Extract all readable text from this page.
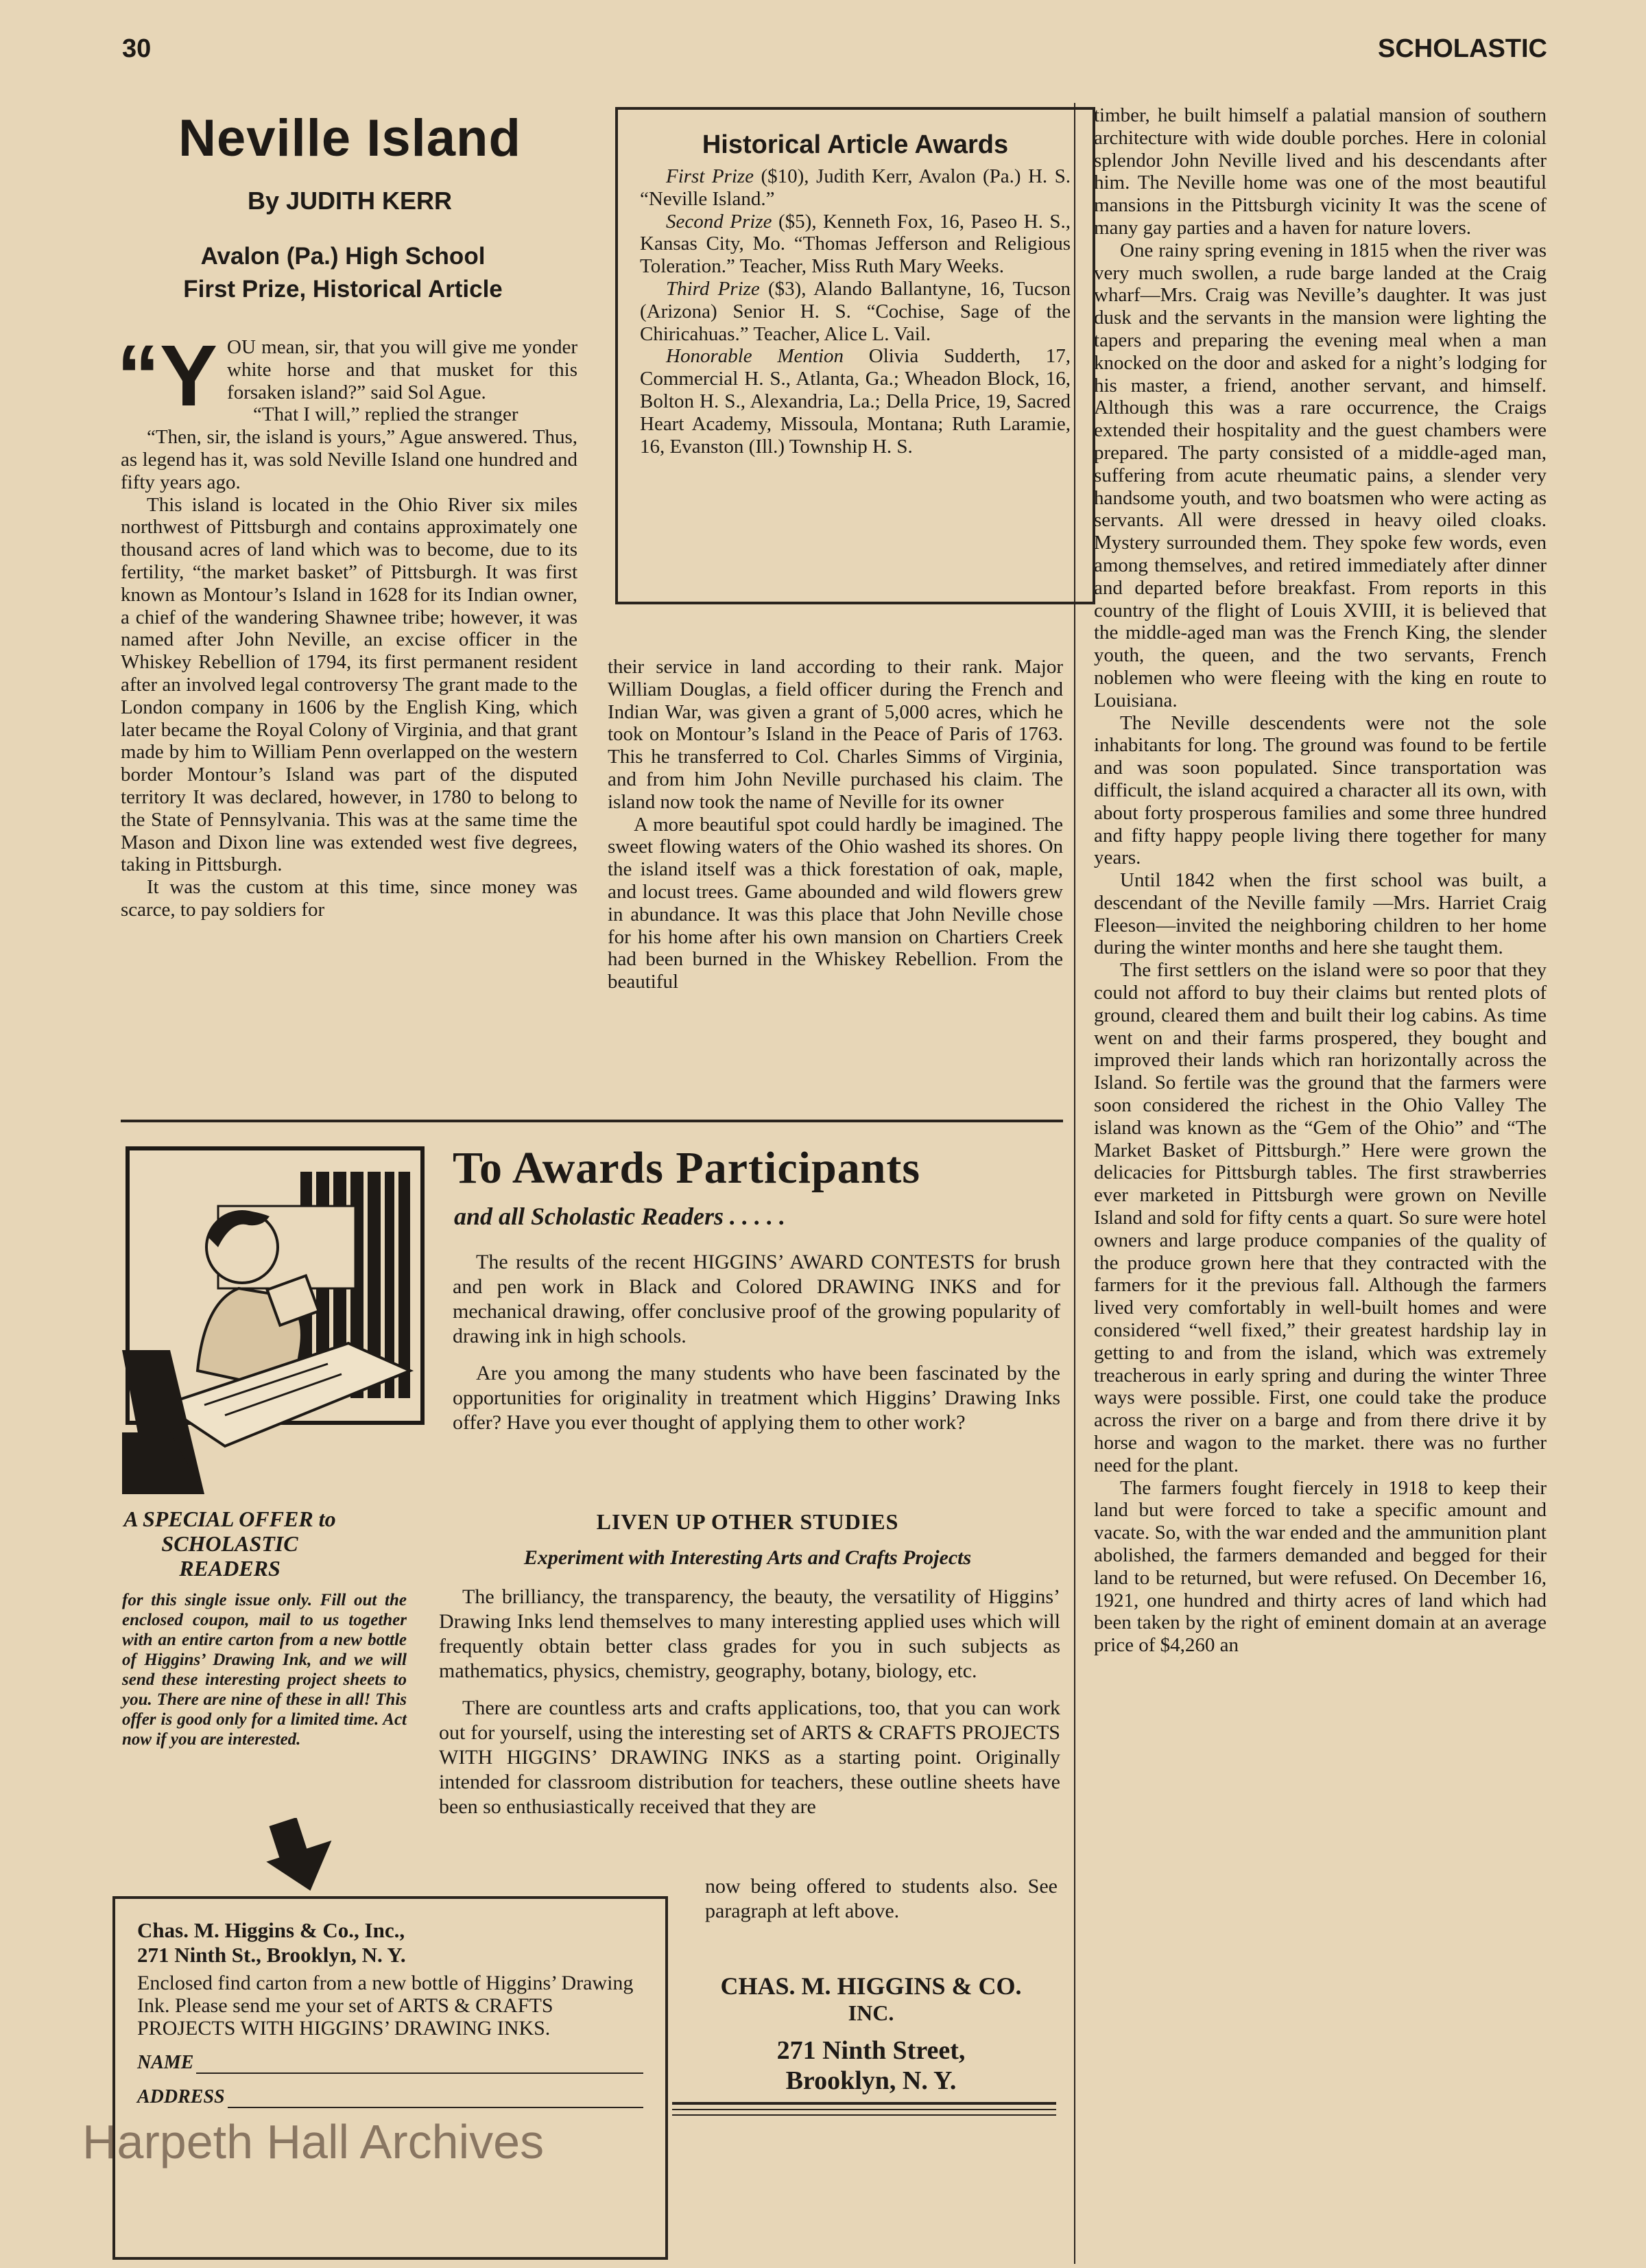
30	SCHOLASTIC
Neville Island
By JUDITH KERR
Avalon (Pa.) High School
First Prize, Historical Article

“Y OU mean, sir, that you will give me yonder white horse and that musket for this forsaken island?” said Sol Ague.

“That I will,” replied the stranger

“Then, sir, the island is yours,” Ague answered. Thus, as legend has it, was sold Neville Island one hundred and fifty years ago.

This island is located in the Ohio River six miles northwest of Pittsburgh and contains approximately one thousand acres of land which was to become, due to its fertility, “the market basket” of Pittsburgh. It was first known as Montour’s Island in 1628 for its Indian owner, a chief of the wandering Shawnee tribe; however, it was named after John Neville, an excise officer in the Whiskey Rebellion of 1794, its first permanent resident after an involved legal controversy The grant made to the London company in 1606 by the English King, which later became the Royal Colony of Virginia, and that grant made by him to William Penn overlapped on the western border Montour’s Island was part of the disputed territory It was declared, however, in 1780 to belong to the State of Pennsylvania. This was at the same time the Mason and Dixon line was extended west five degrees, taking in Pittsburgh.

It was the custom at this time, since money was scarce, to pay soldiers for

Historical Article Awards
First Prize ($10), Judith Kerr, Avalon (Pa.) H. S. “Neville Island.”
Second Prize ($5), Kenneth Fox, 16, Paseo H. S., Kansas City, Mo. “Thomas Jefferson and Religious Toleration.” Teacher, Miss Ruth Mary Weeks.
Third Prize ($3), Alando Ballantyne, 16, Tucson (Arizona) Senior H. S. “Cochise, Sage of the Chiricahuas.” Teacher, Alice L. Vail.
Honorable Mention Olivia Sudderth, 17, Commercial H. S., Atlanta, Ga.; Wheadon Block, 16, Bolton H. S., Alexandria, La.; Della Price, 19, Sacred Heart Academy, Missoula, Montana; Ruth Laramie, 16, Evanston (Ill.) Township H. S.

their service in land according to their rank. Major William Douglas, a field officer during the French and Indian War, was given a grant of 5,000 acres, which he took on Montour’s Island in the Peace of Paris of 1763. This he transferred to Col. Charles Simms of Virginia, and from him John Neville purchased his claim. The island now took the name of Neville for its owner

A more beautiful spot could hardly be imagined. The sweet flowing waters of the Ohio washed its shores. On the island itself was a thick forestation of oak, maple, and locust trees. Game abounded and wild flowers grew in abundance. It was this place that John Neville chose for his home after his own mansion on Chartiers Creek had been burned in the Whiskey Rebellion. From the beautiful

timber, he built himself a palatial mansion of southern architecture with wide double porches. Here in colonial splendor John Neville lived and his descendants after him. The Neville home was one of the most beautiful mansions in the Pittsburgh vicinity It was the scene of many gay parties and a haven for nature lovers.

One rainy spring evening in 1815 when the river was very much swollen, a rude barge landed at the Craig wharf—Mrs. Craig was Neville’s daughter. It was just dusk and the servants in the mansion were lighting the tapers and preparing the evening meal when a man knocked on the door and asked for a night’s lodging for his master, a friend, another servant, and himself. Although this was a rare occurrence, the Craigs extended their hospitality and the guest chambers were prepared. The party consisted of a middle-aged man, suffering from acute rheumatic pains, a slender very handsome youth, and two boatsmen who were acting as servants. All were dressed in heavy oiled cloaks. Mystery surrounded them. They spoke few words, even among themselves, and retired immediately after dinner and departed before breakfast. From reports in this country of the flight of Louis XVIII, it is believed that the middle-aged man was the French King, the slender youth, the queen, and the two servants, French noblemen who were fleeing with the king en route to Louisiana.

The Neville descendents were not the sole inhabitants for long. The ground was found to be fertile and was soon populated. Since transportation was difficult, the island acquired a character all its own, with about forty prosperous families and some three hundred and fifty happy people living there together for many years.

Until 1842 when the first school was built, a descendant of the Neville family —Mrs. Harriet Craig Fleeson—invited the neighboring children to her home during the winter months and here she taught them.

The first settlers on the island were so poor that they could not afford to buy their claims but rented plots of ground, cleared them and built their log cabins. As time went on and their farms prospered, they bought and improved their lands which ran horizontally across the Island. So fertile was the ground that the farmers were soon considered the richest in the Ohio Valley The island was known as the “Gem of the Ohio” and “The Market Basket of Pittsburgh.” Here were grown the delicacies for Pittsburgh tables. The first strawberries ever marketed in Pittsburgh were grown on Neville Island and sold for fifty cents a quart. So sure were hotel owners and large produce companies of the quality of the produce grown here that they contracted with the farmers for it the previous fall. Although the farmers lived very comfortably in well-built homes and were considered “well fixed,” their greatest hardship lay in getting to and from the island, which was extremely treacherous in early spring and during the winter Three ways were possible. First, one could take the produce across the river on a barge and from there drive it by horse and wagon to the market. there was no further need for the plant.

The farmers fought fiercely in 1918 to keep their land but were forced to take a specific amount and vacate. So, with the war ended and the ammunition plant abolished, the farmers demanded and begged for their land to be returned, but were refused. On December 16, 1921, one hundred and thirty acres of land which had been taken by the right of eminent domain at an average price of $4,260 an

To Awards Participants
and all Scholastic Readers . . . . .

The results of the recent HIGGINS’ AWARD CONTESTS for brush and pen work in Black and Colored DRAWING INKS and for mechanical drawing, offer conclusive proof of the growing popularity of drawing ink in high schools.

Are you among the many students who have been fascinated by the opportunities for originality in treatment which Higgins’ Drawing Inks offer? Have you ever thought of applying them to other work?

LIVEN UP OTHER STUDIES
Experiment with Interesting Arts and Crafts Projects

The brilliancy, the transparency, the beauty, the versatility of Higgins’ Drawing Inks lend themselves to many interesting applied uses which will frequently obtain better class grades for you in such subjects as mathematics, physics, chemistry, geography, botany, biology, etc.

There are countless arts and crafts applications, too, that you can work out for yourself, using the interesting set of ARTS & CRAFTS PROJECTS WITH HIGGINS’ DRAWING INKS as a starting point. Originally intended for classroom distribution for teachers, these outline sheets have been so enthusiastically received that they are

now being offered to students also. See paragraph at left above.
CHAS. M. HIGGINS & CO.
INC.
271 Ninth Street,
Brooklyn, N. Y.
A SPECIAL OFFER to SCHOLASTIC READERS
for this single issue only. Fill out the enclosed coupon, mail to us together with an entire carton from a new bottle of Higgins’ Drawing Ink, and we will send these interesting project sheets to you. There are nine of these in all! This offer is good only for a limited time. Act now if you are interested.
Chas. M. Higgins & Co., Inc.,
271 Ninth St., Brooklyn, N. Y.
Enclosed find carton from a new bottle of Higgins’ Drawing Ink. Please send me your set of ARTS & CRAFTS PROJECTS WITH HIGGINS’ DRAWING INKS.
NAME
ADDRESS
Harpeth Hall Archives
